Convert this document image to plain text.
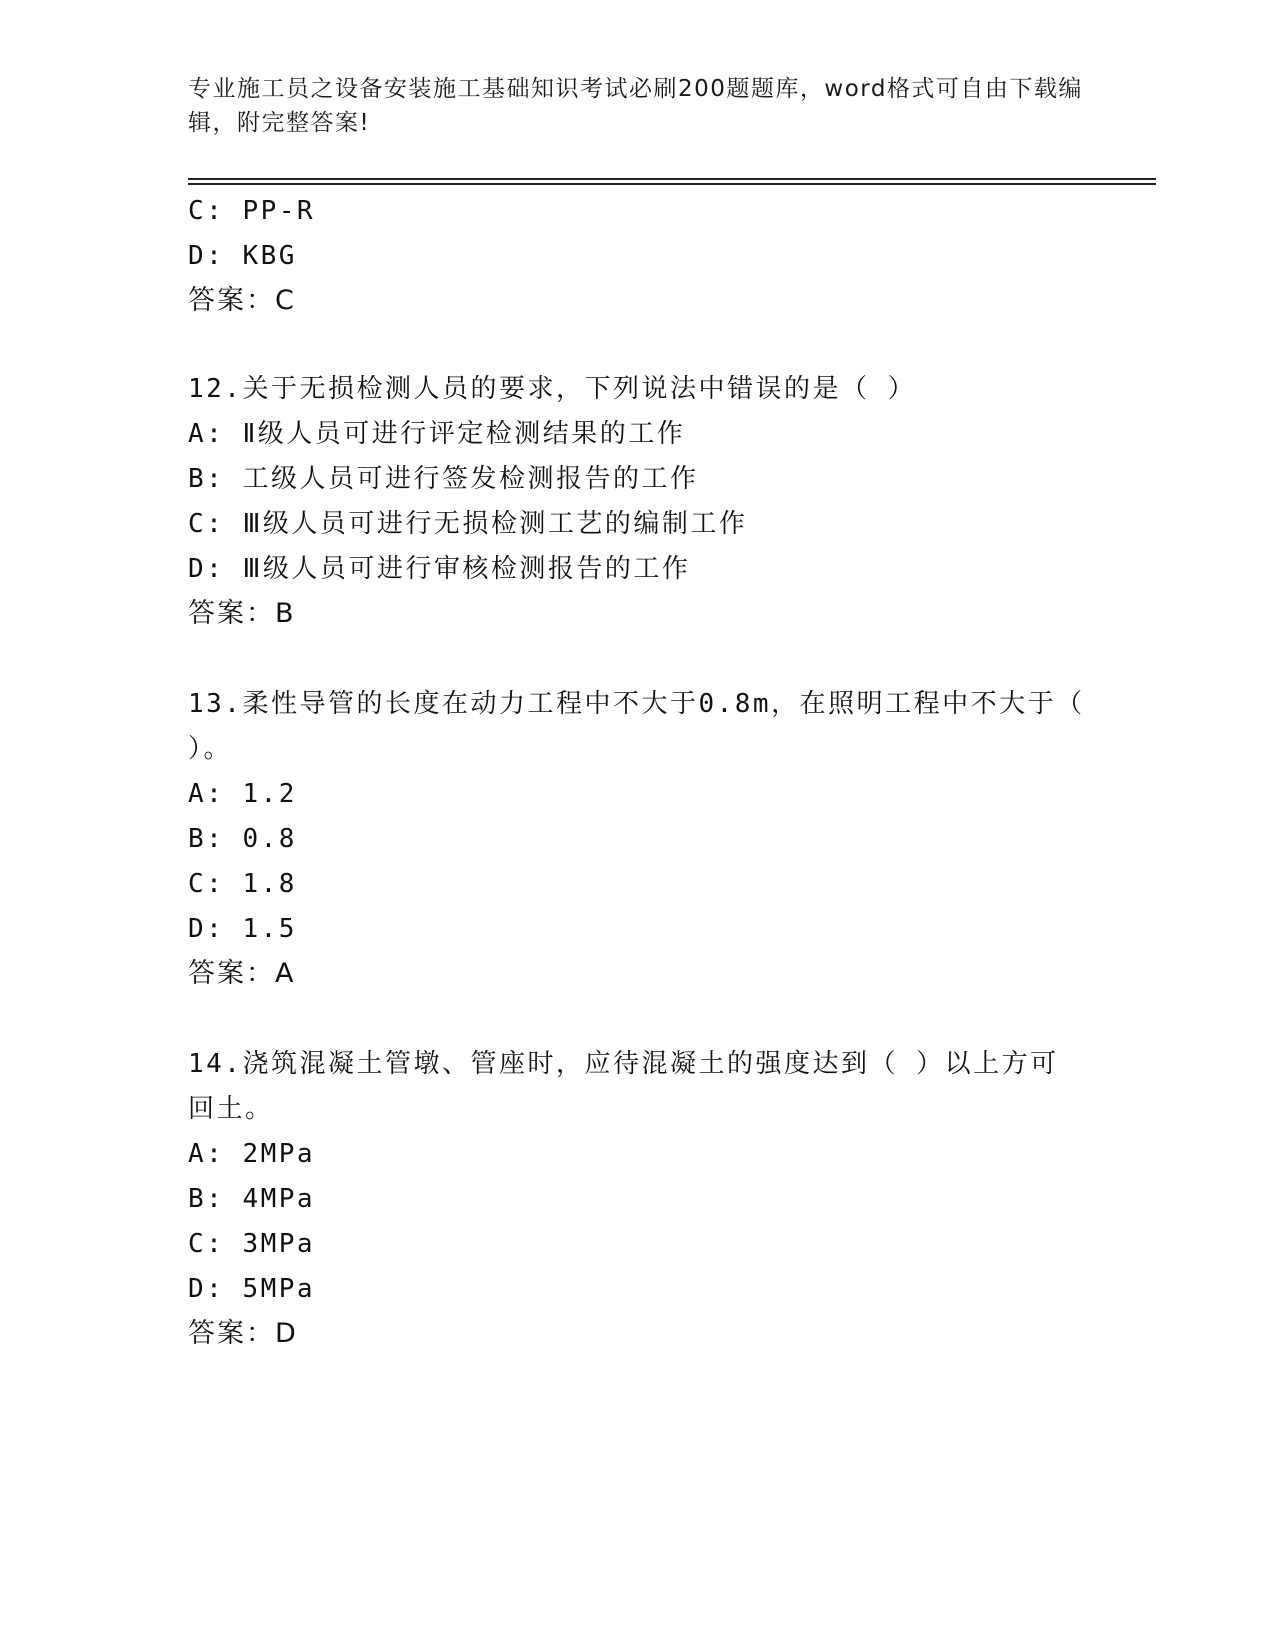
专业施工员之设备安装施工基础知识考试必刷200题题库，word格式可自由下载编辑，附完整答案!
C: PP-R
D: KBG
答案：C
12.关于无损检测人员的要求，下列说法中错误的是（ ）
A: Ⅱ级人员可进行评定检测结果的工作
B: 工级人员可进行签发检测报告的工作
C: Ⅲ级人员可进行无损检测工艺的编制工作
D: Ⅲ级人员可进行审核检测报告的工作
答案：B
13.柔性导管的长度在动力工程中不大于0.8m，在照明工程中不大于（
）。
A: 1.2
B: 0.8
C: 1.8
D: 1.5
答案：A
14.浇筑混凝土管墩、管座时，应待混凝土的强度达到（ ）以上方可
回土。
A: 2MPa
B: 4MPa
C: 3MPa
D: 5MPa
答案：D
